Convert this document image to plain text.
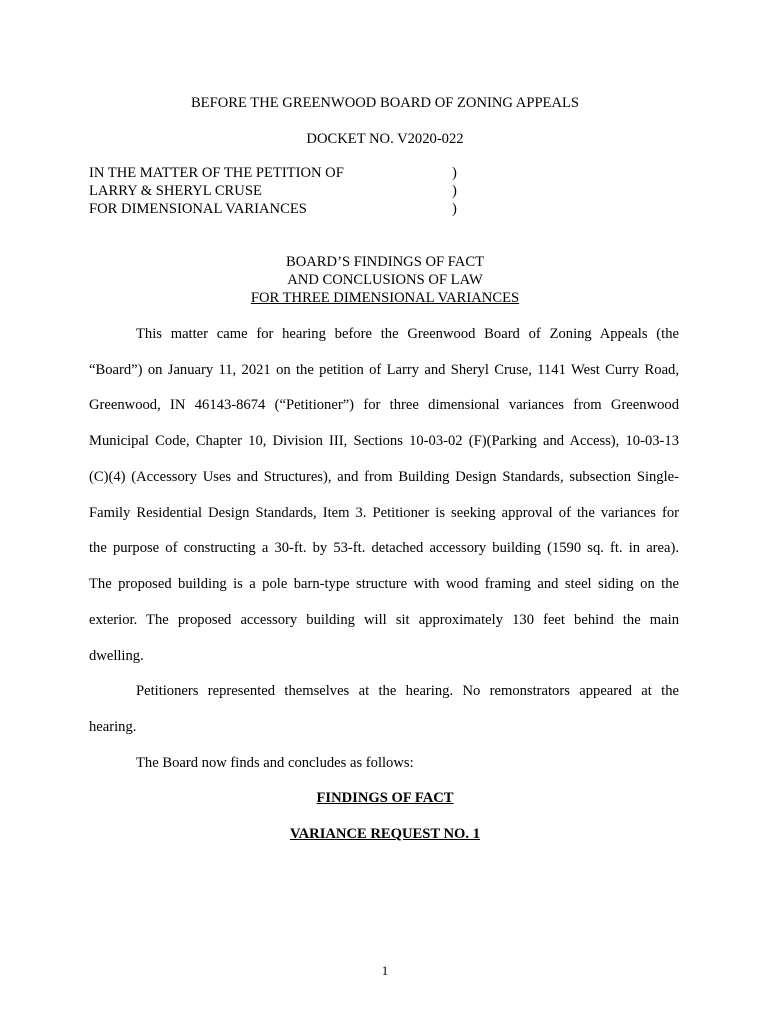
BEFORE THE GREENWOOD BOARD OF ZONING APPEALS
DOCKET NO. V2020-022
IN THE MATTER OF THE PETITION OF
LARRY & SHERYL CRUSE
FOR DIMENSIONAL VARIANCES
)
)
)
BOARD’S FINDINGS OF FACT
AND CONCLUSIONS OF LAW
FOR THREE DIMENSIONAL VARIANCES
This matter came for hearing before the Greenwood Board of Zoning Appeals (the
“Board”) on January 11, 2021 on the petition of Larry and Sheryl Cruse, 1141 West Curry Road,
Greenwood, IN 46143-8674 (“Petitioner”) for three dimensional variances from Greenwood
Municipal Code, Chapter 10, Division III, Sections 10-03-02 (F)(Parking and Access), 10-03-13
(C)(4) (Accessory Uses and Structures), and from Building Design Standards, subsection Single-
Family Residential Design Standards, Item 3. Petitioner is seeking approval of the variances for
the purpose of constructing a 30-ft. by 53-ft. detached accessory building (1590 sq. ft. in area).
The proposed building is a pole barn-type structure with wood framing and steel siding on the
exterior. The proposed accessory building will sit approximately 130 feet behind the main
dwelling.
Petitioners represented themselves at the hearing. No remonstrators appeared at the
hearing.
The Board now finds and concludes as follows:
FINDINGS OF FACT
VARIANCE REQUEST NO. 1
1
